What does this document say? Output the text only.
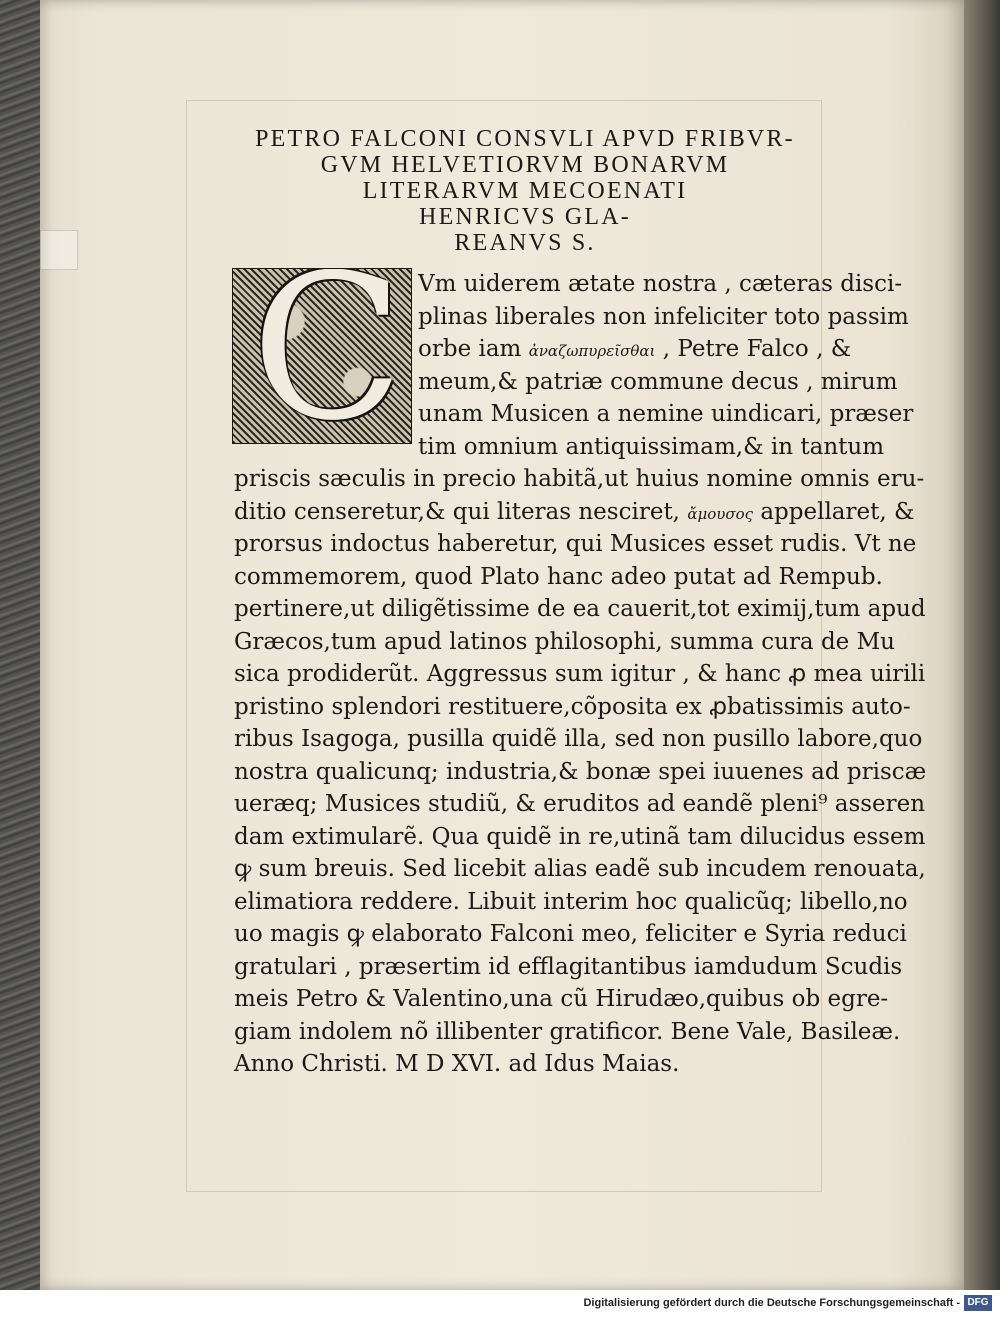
PETRO FALCONI CONSVLI APVD FRIBVR-
GVM HELVETIORVM BONARVM
LITERARVM MECOENATI
HENRICVS GLA-
REANVS S.
C Vm uiderem ætate nostra , cæteras disci-
plinas liberales non infeliciter toto passim
orbe iam ἀναζωπυρεῖσθαι , Petre Falco , &
meum,& patriæ commune decus , mirum
unam Musicen a nemine uindicari, præser
tim omnium antiquissimam,& in tantum
priscis sæculis in precio habitã,ut huius nomine omnis eru-
ditio censeretur,& qui literas nesciret, ἄμουσος appellaret, &
prorsus indoctus haberetur, qui Musices esset rudis. Vt ne
commemorem, quod Plato hanc adeo putat ad Rempub.
pertinere,ut diligẽtissime de ea cauerit,tot eximij,tum apud
Græcos,tum apud latinos philosophi, summa cura de Mu
sica prodiderũt. Aggressus sum igitur , & hanc ꝓ mea uirili
pristino splendori restituere,cõposita ex ꝓbatissimis auto-
ribus Isagoga, pusilla quidẽ illa, sed non pusillo labore,quo
nostra qualicunq; industria,& bonæ spei iuuenes ad priscæ
ueræq; Musices studiũ, & eruditos ad eandẽ pleni⁹ asseren
dam extimularẽ. Qua quidẽ in re,utinã tam dilucidus essem
ꝙ sum breuis. Sed licebit alias eadẽ sub incudem renouata,
elimatiora reddere. Libuit interim hoc qualicũq; libello,no
uo magis ꝙ elaborato Falconi meo, feliciter e Syria reduci
gratulari , præsertim id efflagitantibus iamdudum Scudis
meis Petro & Valentino,una cũ Hirudæo,quibus ob egre-
giam indolem nõ illibenter gratificor. Bene Vale, Basileæ.
Anno Christi. M D XVI. ad Idus Maias.
Digitalisierung gefördert durch die Deutsche Forschungsgemeinschaft - DFG
